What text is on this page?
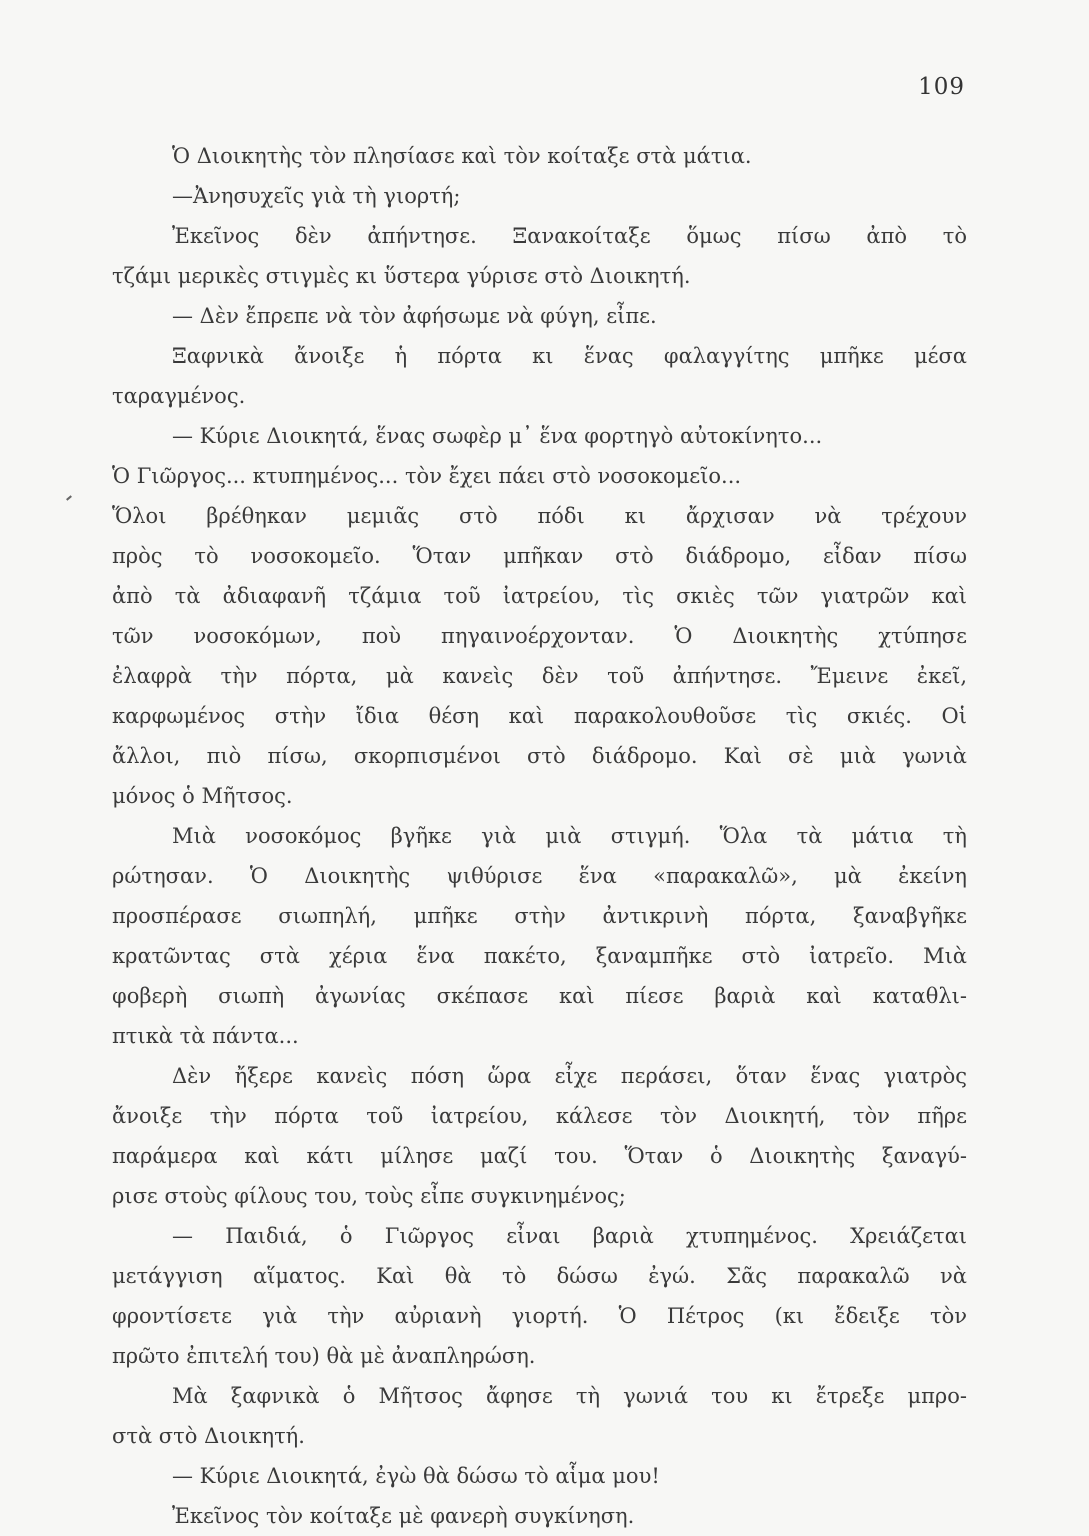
109
Ὁ Διοικητὴς τὸν πλησίασε καὶ τὸν κοίταξε στὰ μάτια.
—Ἀνησυχεῖς γιὰ τὴ γιορτή;
Ἐκεῖνος δὲν ἀπήντησε. Ξανακοίταξε ὅμως πίσω ἀπὸ τὸ
τζάμι μερικὲς στιγμὲς κι ὕστερα γύρισε στὸ Διοικητή.
— Δὲν ἔπρεπε νὰ τὸν ἀφήσωμε νὰ φύγη, εἶπε.
Ξαφνικὰ ἄνοιξε ἡ πόρτα κι ἕνας φαλαγγίτης μπῆκε μέσα
ταραγμένος.
— Κύριε Διοικητά, ἕνας σωφὲρ μ᾽ ἕνα φορτηγὸ αὐτοκίνητο...
Ὁ Γιῶργος... κτυπημένος... τὸν ἔχει πάει στὸ νοσοκομεῖο...
Ὅλοι βρέθηκαν μεμιᾶς στὸ πόδι κι ἄρχισαν νὰ τρέχουν
πρὸς τὸ νοσοκομεῖο. Ὅταν μπῆκαν στὸ διάδρομο, εἶδαν πίσω
ἀπὸ τὰ ἀδιαφανῆ τζάμια τοῦ ἰατρείου, τὶς σκιὲς τῶν γιατρῶν καὶ
τῶν νοσοκόμων, ποὺ πηγαινοέρχονταν. Ὁ Διοικητὴς χτύπησε
ἐλαφρὰ τὴν πόρτα, μὰ κανεὶς δὲν τοῦ ἀπήντησε. Ἔμεινε ἐκεῖ,
καρφωμένος στὴν ἴδια θέση καὶ παρακολουθοῦσε τὶς σκιές. Οἱ
ἄλλοι, πιὸ πίσω, σκορπισμένοι στὸ διάδρομο. Καὶ σὲ μιὰ γωνιὰ
μόνος ὁ Μῆτσος.
Μιὰ νοσοκόμος βγῆκε γιὰ μιὰ στιγμή. Ὅλα τὰ μάτια τὴ
ρώτησαν. Ὁ Διοικητὴς ψιθύρισε ἕνα «παρακαλῶ», μὰ ἐκείνη
προσπέρασε σιωπηλή, μπῆκε στὴν ἀντικρινὴ πόρτα, ξαναβγῆκε
κρατῶντας στὰ χέρια ἕνα πακέτο, ξαναμπῆκε στὸ ἰατρεῖο. Μιὰ
φοβερὴ σιωπὴ ἀγωνίας σκέπασε καὶ πίεσε βαριὰ καὶ καταθλι-
πτικὰ τὰ πάντα...
Δὲν ἤξερε κανεὶς πόση ὥρα εἶχε περάσει, ὅταν ἕνας γιατρὸς
ἄνοιξε τὴν πόρτα τοῦ ἰατρείου, κάλεσε τὸν Διοικητή, τὸν πῆρε
παράμερα καὶ κάτι μίλησε μαζί του. Ὅταν ὁ Διοικητὴς ξαναγύ-
ρισε στοὺς φίλους του, τοὺς εἶπε συγκινημένος;
— Παιδιά, ὁ Γιῶργος εἶναι βαριὰ χτυπημένος. Χρειάζεται
μετάγγιση αἵματος. Καὶ θὰ τὸ δώσω ἐγώ. Σᾶς παρακαλῶ νὰ
φροντίσετε γιὰ τὴν αὐριανὴ γιορτή. Ὁ Πέτρος (κι ἔδειξε τὸν
πρῶτο ἐπιτελή του) θὰ μὲ ἀναπληρώση.
Μὰ ξαφνικὰ ὁ Μῆτσος ἄφησε τὴ γωνιά του κι ἔτρεξε μπρο-
στὰ στὸ Διοικητή.
— Κύριε Διοικητά, ἐγὼ θὰ δώσω τὸ αἷμα μου!
Ἐκεῖνος τὸν κοίταξε μὲ φανερὴ συγκίνηση.
